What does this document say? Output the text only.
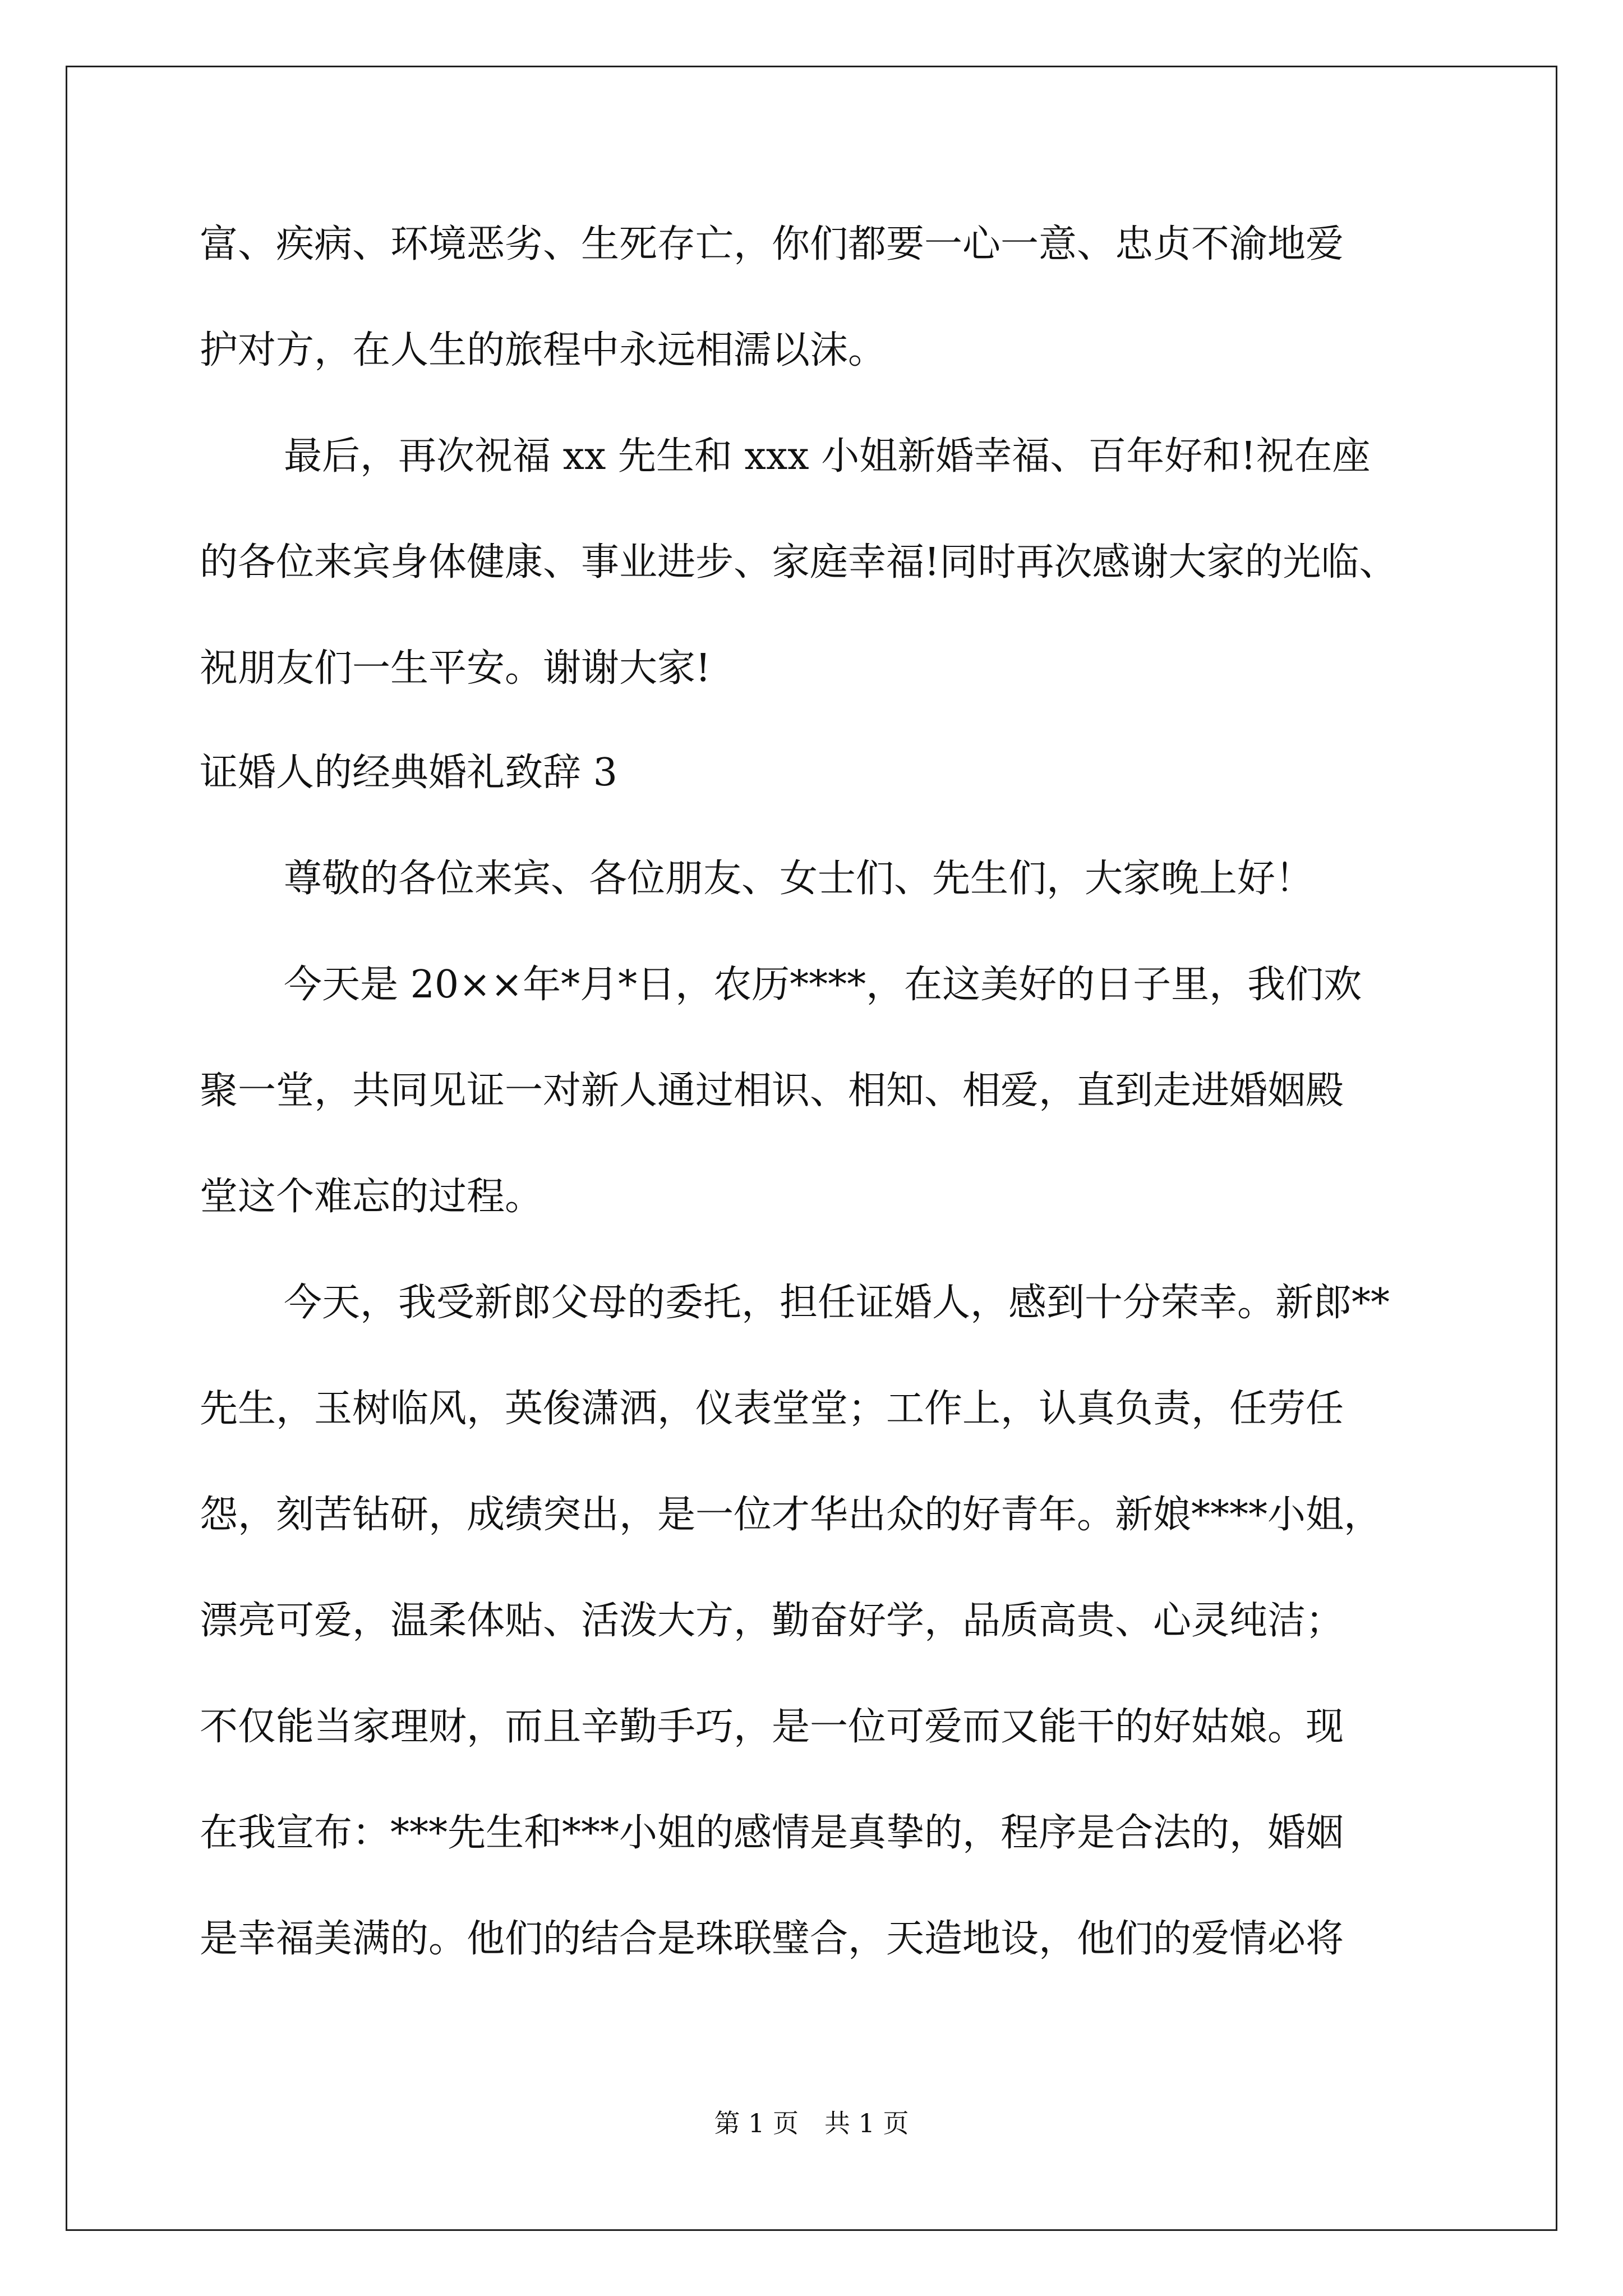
富、疾病、环境恶劣、生死存亡，你们都要一心一意、忠贞不渝地爱
护对方，在人生的旅程中永远相濡以沫。
最后，再次祝福 xx 先生和 xxx 小姐新婚幸福、百年好和!祝在座
的各位来宾身体健康、事业进步、家庭幸福!同时再次感谢大家的光临、
祝朋友们一生平安。谢谢大家!
证婚人的经典婚礼致辞 3
尊敬的各位来宾、各位朋友、女士们、先生们，大家晚上好！
今天是 20××年*月*日，农历****，在这美好的日子里，我们欢
聚一堂，共同见证一对新人通过相识、相知、相爱，直到走进婚姻殿
堂这个难忘的过程。
今天，我受新郎父母的委托，担任证婚人，感到十分荣幸。新郎**
先生，玉树临风，英俊潇洒，仪表堂堂；工作上，认真负责，任劳任
怨，刻苦钻研，成绩突出，是一位才华出众的好青年。新娘****小姐，
漂亮可爱，温柔体贴、活泼大方，勤奋好学，品质高贵、心灵纯洁；
不仅能当家理财，而且辛勤手巧，是一位可爱而又能干的好姑娘。现
在我宣布：***先生和***小姐的感情是真挚的，程序是合法的，婚姻
是幸福美满的。他们的结合是珠联璧合，天造地设，他们的爱情必将
第 1 页　共 1 页
